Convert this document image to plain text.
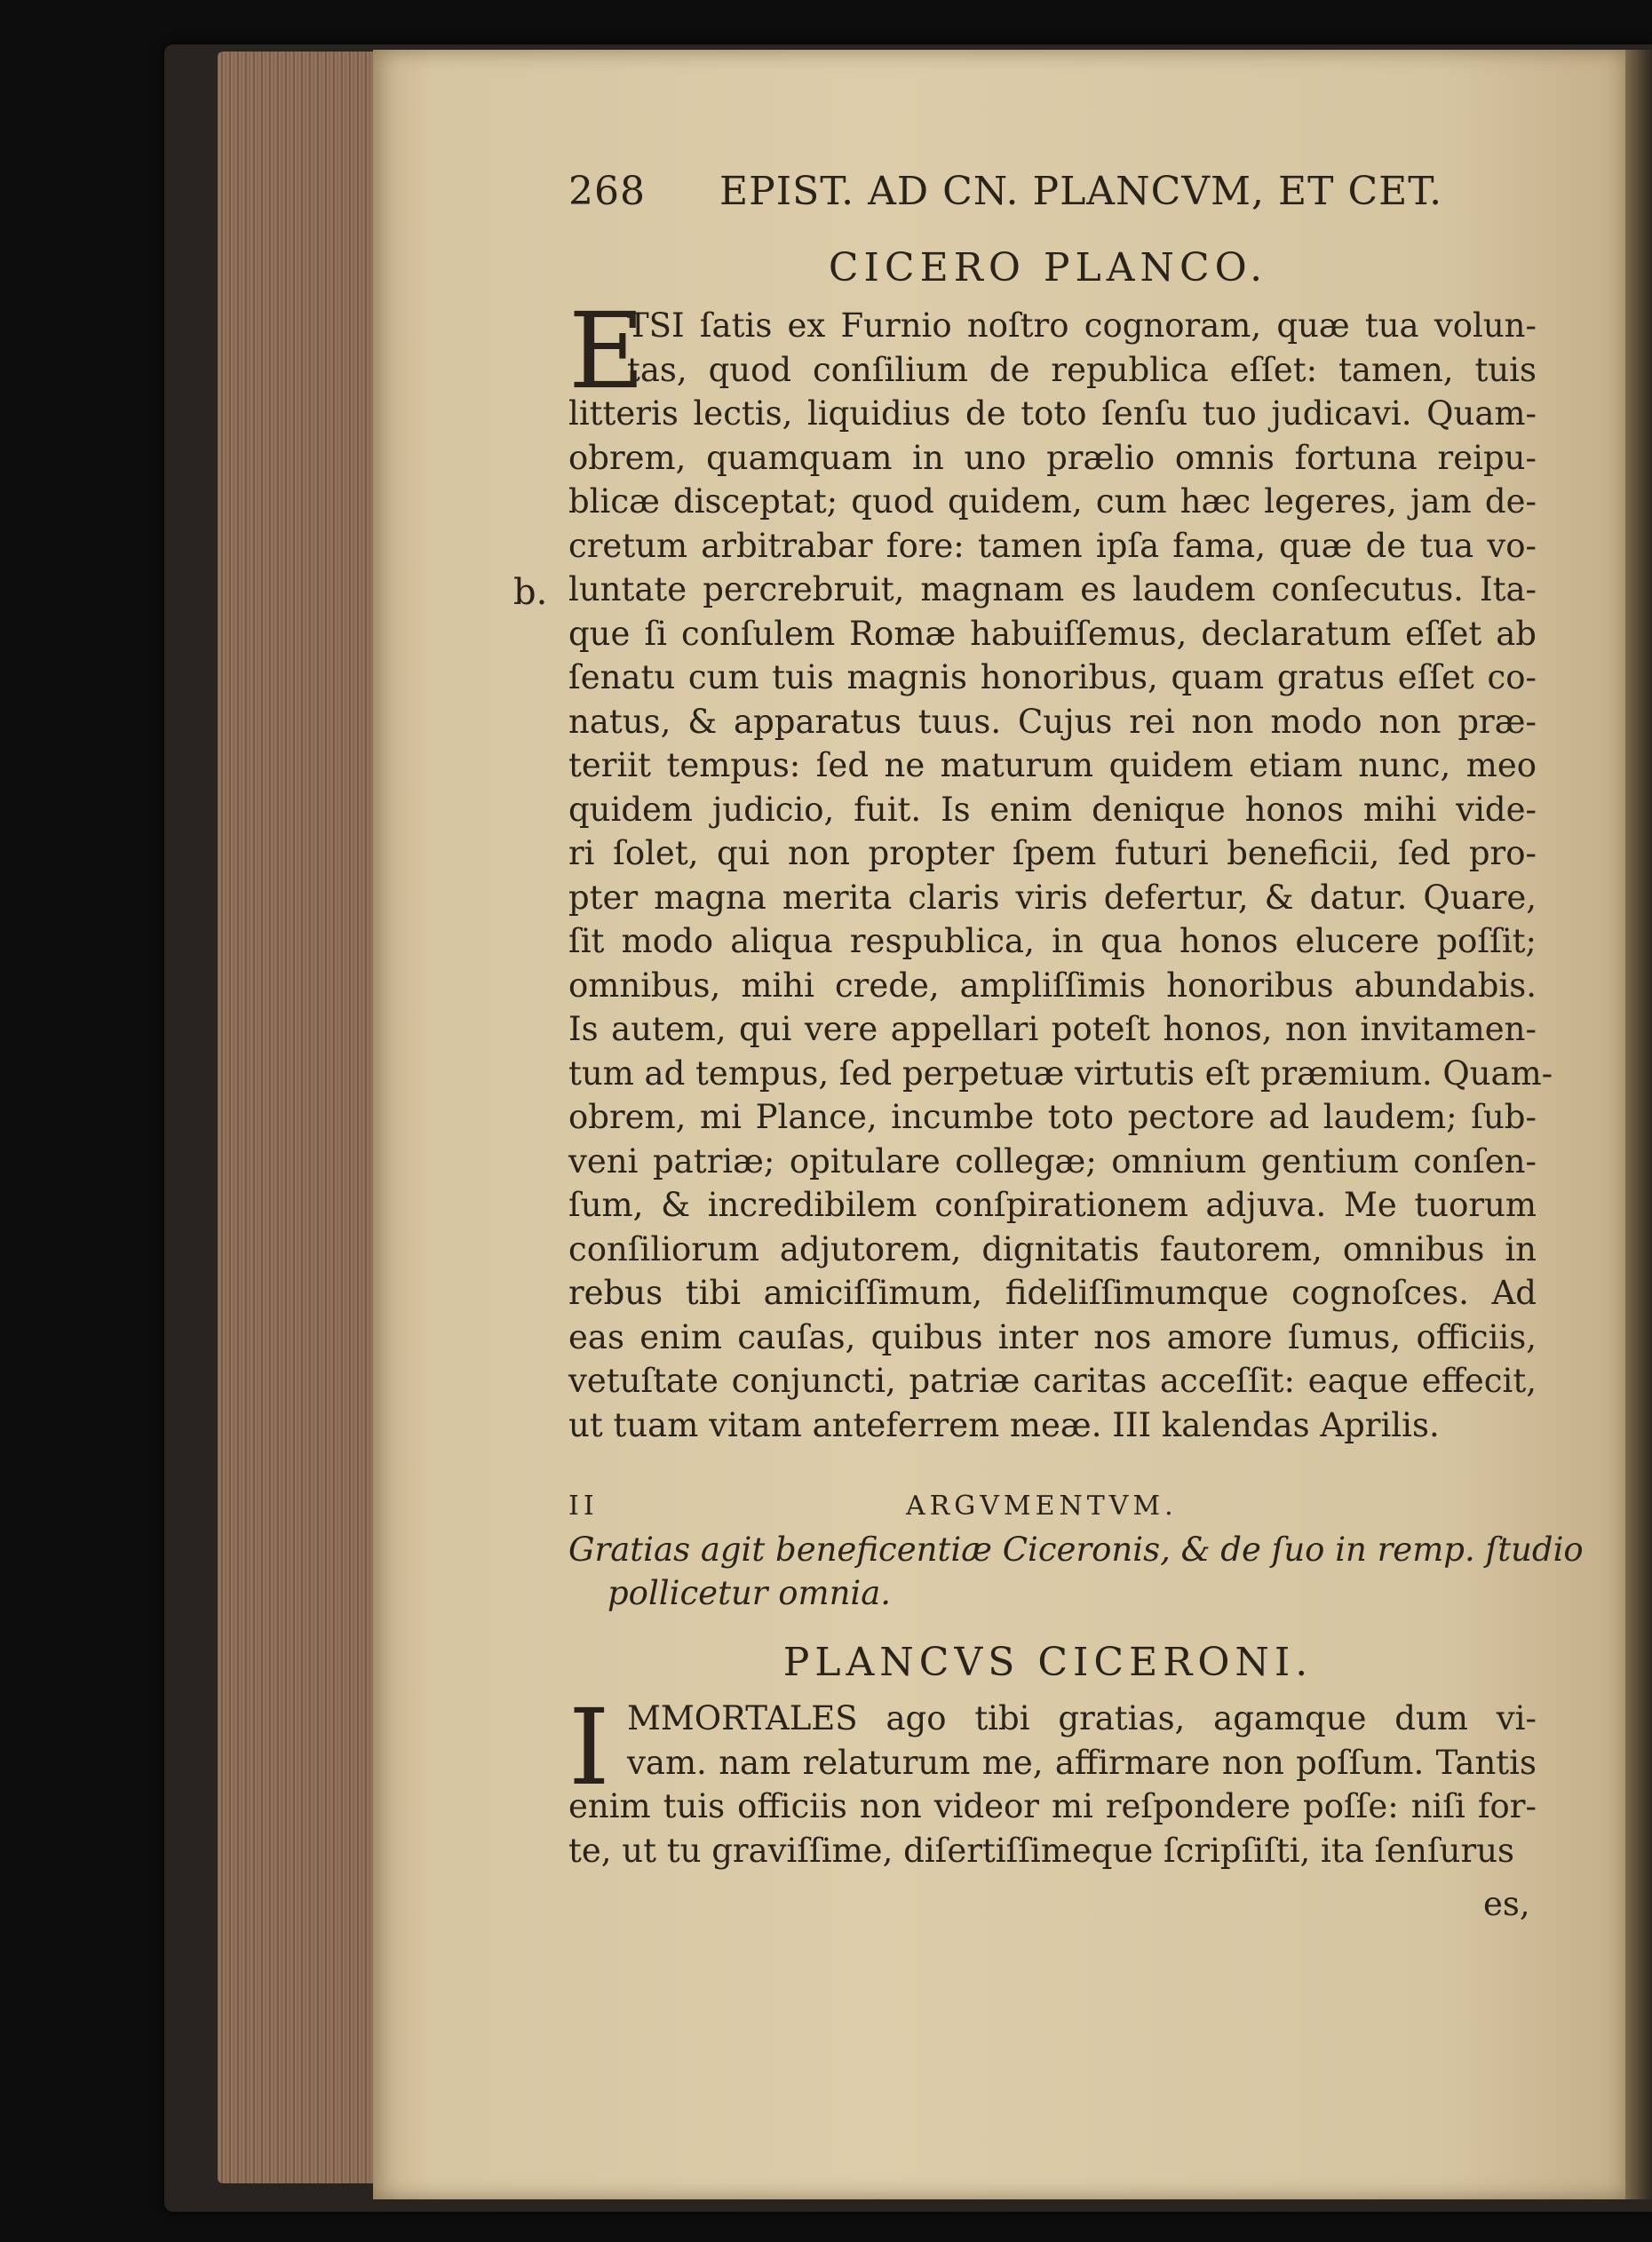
268 EPIST. AD CN. PLANCVM, ET CET.
CICERO PLANCO.
E
TSI ſatis ex Furnio noſtro cognoram, quæ tua volun-
tas, quod conſilium de republica eſſet: tamen, tuis
litteris lectis, liquidius de toto ſenſu tuo judicavi. Quam-
obrem, quamquam in uno prælio omnis fortuna reipu-
blicæ disceptat; quod quidem, cum hæc legeres, jam de-
cretum arbitrabar fore: tamen ipſa fama, quæ de tua vo-
luntate percrebruit, magnam es laudem conſecutus. Ita-
que ſi conſulem Romæ habuiſſemus, declaratum eſſet ab
ſenatu cum tuis magnis honoribus, quam gratus eſſet co-
natus, & apparatus tuus. Cujus rei non modo non præ-
teriit tempus: ſed ne maturum quidem etiam nunc, meo
quidem judicio, fuit. Is enim denique honos mihi vide-
ri ſolet, qui non propter ſpem futuri beneficii, ſed pro-
pter magna merita claris viris defertur, & datur. Quare,
ſit modo aliqua respublica, in qua honos elucere poſſit;
omnibus, mihi crede, ampliſſimis honoribus abundabis.
Is autem, qui vere appellari poteſt honos, non invitamen-
tum ad tempus, ſed perpetuæ virtutis eſt præmium. Quam-
obrem, mi Plance, incumbe toto pectore ad laudem; ſub-
veni patriæ; opitulare collegæ; omnium gentium conſen-
ſum, & incredibilem conſpirationem adjuva. Me tuorum
conſiliorum adjutorem, dignitatis fautorem, omnibus in
rebus tibi amiciſſimum, fideliſſimumque cognoſces. Ad
eas enim cauſas, quibus inter nos amore ſumus, officiis,
vetuſtate conjuncti, patriæ caritas acceſſit: eaque effecit,
ut tuam vitam anteferrem meæ. III kalendas Aprilis.
b.
II	ARGVMENTVM.
Gratias agit beneficentiæ Ciceronis, & de ſuo in remp. ſtudio
pollicetur omnia.
PLANCVS CICERONI.
I MMORTALES ago tibi gratias, agamque dum vi-
vam. nam relaturum me, affirmare non poſſum. Tantis
enim tuis officiis non videor mi reſpondere poſſe: niſi for-
te, ut tu graviſſime, diſertiſſimeque ſcripſiſti, ita ſenſurus
es,
